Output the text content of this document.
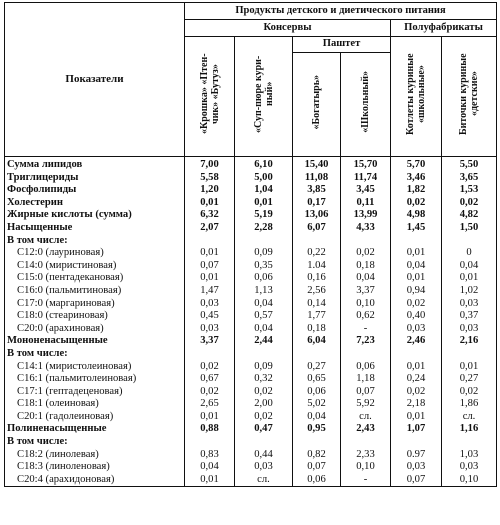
Показатели	Продукты детского и диетического питания					
	Консервы				Полуфабрикаты	
	«Крошка» «Птен- чик» «Бутуз»	«Суп-пюре кури- ный»	Паштет		Котлеты куриные «школьные»	Биточки куриные «детские»
			«Богатырь»	«Школьный»		
Сумма липидов	7,00	6,10	15,40	15,70	5,70	5,50
Триглицериды	5,58	5,00	11,08	11,74	3,46	3,65
Фосфолипиды	1,20	1,04	3,85	3,45	1,82	1,53
Холестерин	0,01	0,01	0,17	0,11	0,02	0,02
Жирные кислоты (сумма)	6,32	5,19	13,06	13,99	4,98	4,82
Насыщенные	2,07	2,28	6,07	4,33	1,45	1,50
В том числе:						
C12:0 (лауриновая)	0,01	0,09	0,22	0,02	0,01	0
C14:0 (миристиновая)	0,07	0,35	1.04	0,18	0,04	0,04
C15:0 (пентадекановая)	0,01	0,06	0,16	0,04	0,01	0,01
C16:0 (пальмитиновая)	1,47	1,13	2,56	3,37	0,94	1,02
C17:0 (маргариновая)	0,03	0,04	0,14	0,10	0,02	0,03
C18:0 (стеариновая)	0,45	0,57	1,77	0,62	0,40	0,37
C20:0 (арахиновая)	0,03	0,04	0,18	-	0,03	0,03
Мононенасыщенные	3,37	2,44	6,04	7,23	2,46	2,16
В том числе:						
C14:1 (миристолеиновая)	0,02	0,09	0,27	0,06	0,01	0,01
C16:1 (пальмитолеиновая)	0,67	0,32	0,65	1,18	0,24	0,27
C17:1 (гептадеценовая)	0,02	0,02	0,06	0,07	0,02	0,02
C18:1 (олеиновая)	2,65	2,00	5,02	5,92	2,18	1,86
C20:1 (гадолеиновая)	0,01	0,02	0,04	сл.	0,01	сл.
Полиненасыщенные	0,88	0,47	0,95	2,43	1,07	1,16
В том числе:						
C18:2 (линолевая)	0,83	0,44	0,82	2,33	0.97	1,03
C18:3 (линоленовая)	0,04	0,03	0,07	0,10	0,03	0,03
C20:4 (арахидоновая)	0,01	сл.	0,06	-	0,07	0,10
